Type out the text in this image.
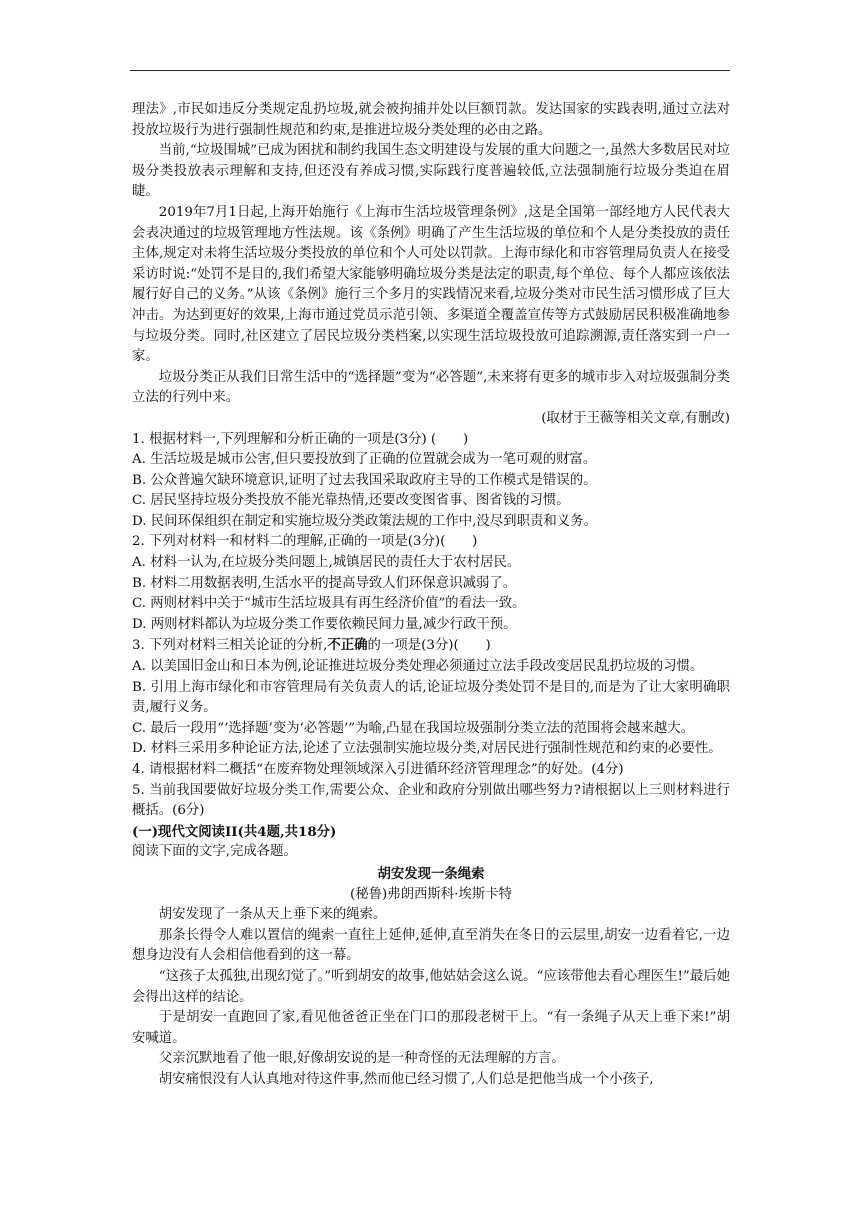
理法》,市民如违反分类规定乱扔垃圾,就会被拘捕并处以巨额罚款。发达国家的实践表明,通过立法对投放垃圾行为进行强制性规范和约束,是推进垃圾分类处理的必由之路。

当前,“垃圾围城”已成为困扰和制约我国生态文明建设与发展的重大问题之一,虽然大多数居民对垃圾分类投放表示理解和支持,但还没有养成习惯,实际践行度普遍较低,立法强制施行垃圾分类迫在眉睫。

2019年7月1日起,上海开始施行《上海市生活垃圾管理条例》,这是全国第一部经地方人民代表大会表决通过的垃圾管理地方性法规。该《条例》明确了产生生活垃圾的单位和个人是分类投放的责任主体,规定对未将生活垃圾分类投放的单位和个人可处以罚款。上海市绿化和市容管理局负责人在接受采访时说:“处罚不是目的,我们希望大家能够明确垃圾分类是法定的职责,每个单位、每个人都应该依法履行好自己的义务。”从该《条例》施行三个多月的实践情况来看,垃圾分类对市民生活习惯形成了巨大冲击。为达到更好的效果,上海市通过党员示范引领、多渠道全覆盖宣传等方式鼓励居民积极准确地参与垃圾分类。同时,社区建立了居民垃圾分类档案,以实现生活垃圾投放可追踪溯源,责任落实到一户一家。

垃圾分类正从我们日常生活中的“选择题”变为“必答题”,未来将有更多的城市步入对垃圾强制分类立法的行列中来。

(取材于王薇等相关文章,有删改)

1. 根据材料一,下列理解和分析正确的一项是(3分) (　　)

A. 生活垃圾是城市公害,但只要投放到了正确的位置就会成为一笔可观的财富。

B. 公众普遍欠缺环境意识,证明了过去我国采取政府主导的工作模式是错误的。

C. 居民坚持垃圾分类投放不能光靠热情,还要改变图省事、图省钱的习惯。

D. 民间环保组织在制定和实施垃圾分类政策法规的工作中,没尽到职责和义务。

2. 下列对材料一和材料二的理解,正确的一项是(3分)(　　)

A. 材料一认为,在垃圾分类问题上,城镇居民的责任大于农村居民。

B. 材料二用数据表明,生活水平的提高导致人们环保意识减弱了。

C. 两则材料中关于“城市生活垃圾具有再生经济价值”的看法一致。

D. 两则材料都认为垃圾分类工作要依赖民间力量,减少行政干预。

3. 下列对材料三相关论证的分析,不正确的一项是(3分)(　　)

A. 以美国旧金山和日本为例,论证推进垃圾分类处理必须通过立法手段改变居民乱扔垃圾的习惯。

B. 引用上海市绿化和市容管理局有关负责人的话,论证垃圾分类处罚不是目的,而是为了让大家明确职责,履行义务。

C. 最后一段用“‘选择题’变为‘必答题’”为喻,凸显在我国垃圾强制分类立法的范围将会越来越大。

D. 材料三采用多种论证方法,论述了立法强制实施垃圾分类,对居民进行强制性规范和约束的必要性。

4. 请根据材料二概括“在废弃物处理领域深入引进循环经济管理理念”的好处。(4分)

5. 当前我国要做好垃圾分类工作,需要公众、企业和政府分别做出哪些努力?请根据以上三则材料进行概括。(6分)

(一)现代文阅读II(共4题,共18分)

阅读下面的文字,完成各题。

胡安发现一条绳索

(秘鲁)弗朗西斯科·埃斯卡特

胡安发现了一条从天上垂下来的绳索。

那条长得令人难以置信的绳索一直往上延伸,延伸,直至消失在冬日的云层里,胡安一边看着它,一边想身边没有人会相信他看到的这一幕。

“这孩子太孤独,出现幻觉了。”听到胡安的故事,他姑姑会这么说。“应该带他去看心理医生!”最后她会得出这样的结论。

于是胡安一直跑回了家,看见他爸爸正坐在门口的那段老树干上。“有一条绳子从天上垂下来!”胡安喊道。

父亲沉默地看了他一眼,好像胡安说的是一种奇怪的无法理解的方言。

胡安痛恨没有人认真地对待这件事,然而他已经习惯了,人们总是把他当成一个小孩子,
